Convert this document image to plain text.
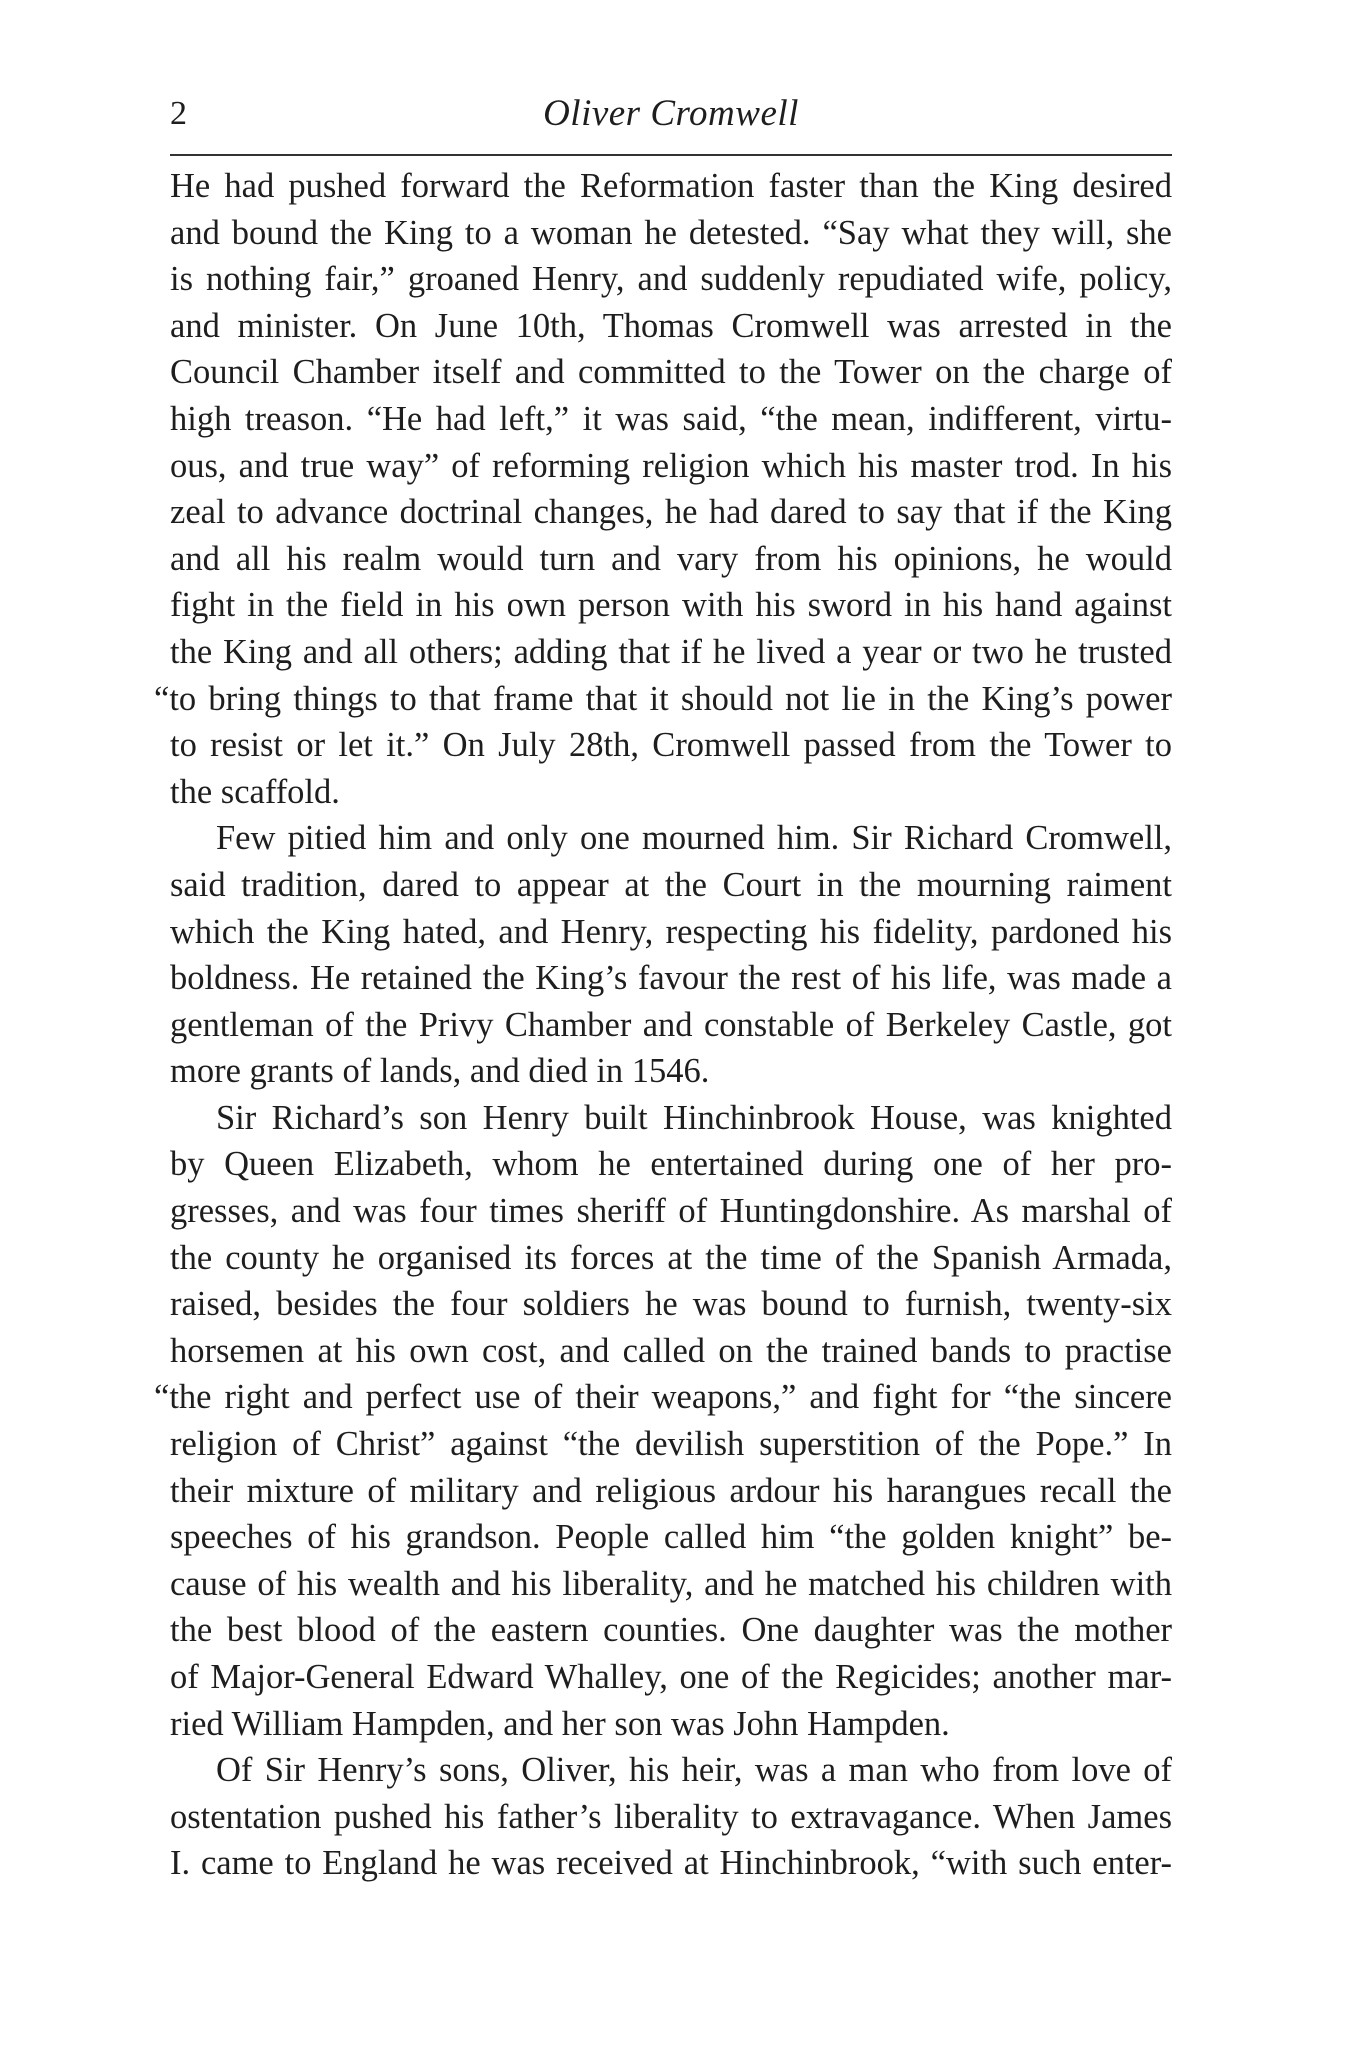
2	Oliver Cromwell
He had pushed forward the Reformation faster than the King desired
and bound the King to a woman he detested. “Say what they will, she
is nothing fair,” groaned Henry, and suddenly repudiated wife, policy,
and minister. On June 10th, Thomas Cromwell was arrested in the
Council Chamber itself and committed to the Tower on the charge of
high treason. “He had left,” it was said, “the mean, indifferent, virtu-
ous, and true way” of reforming religion which his master trod. In his
zeal to advance doctrinal changes, he had dared to say that if the King
and all his realm would turn and vary from his opinions, he would
fight in the field in his own person with his sword in his hand against
the King and all others; adding that if he lived a year or two he trusted
“to bring things to that frame that it should not lie in the King’s power
to resist or let it.” On July 28th, Cromwell passed from the Tower to
the scaffold.
Few pitied him and only one mourned him. Sir Richard Cromwell,
said tradition, dared to appear at the Court in the mourning raiment
which the King hated, and Henry, respecting his fidelity, pardoned his
boldness. He retained the King’s favour the rest of his life, was made a
gentleman of the Privy Chamber and constable of Berkeley Castle, got
more grants of lands, and died in 1546.
Sir Richard’s son Henry built Hinchinbrook House, was knighted
by Queen Elizabeth, whom he entertained during one of her pro-
gresses, and was four times sheriff of Huntingdonshire. As marshal of
the county he organised its forces at the time of the Spanish Armada,
raised, besides the four soldiers he was bound to furnish, twenty-six
horsemen at his own cost, and called on the trained bands to practise
“the right and perfect use of their weapons,” and fight for “the sincere
religion of Christ” against “the devilish superstition of the Pope.” In
their mixture of military and religious ardour his harangues recall the
speeches of his grandson. People called him “the golden knight” be-
cause of his wealth and his liberality, and he matched his children with
the best blood of the eastern counties. One daughter was the mother
of Major-General Edward Whalley, one of the Regicides; another mar-
ried William Hampden, and her son was John Hampden.
Of Sir Henry’s sons, Oliver, his heir, was a man who from love of
ostentation pushed his father’s liberality to extravagance. When James
I. came to England he was received at Hinchinbrook, “with such enter-
